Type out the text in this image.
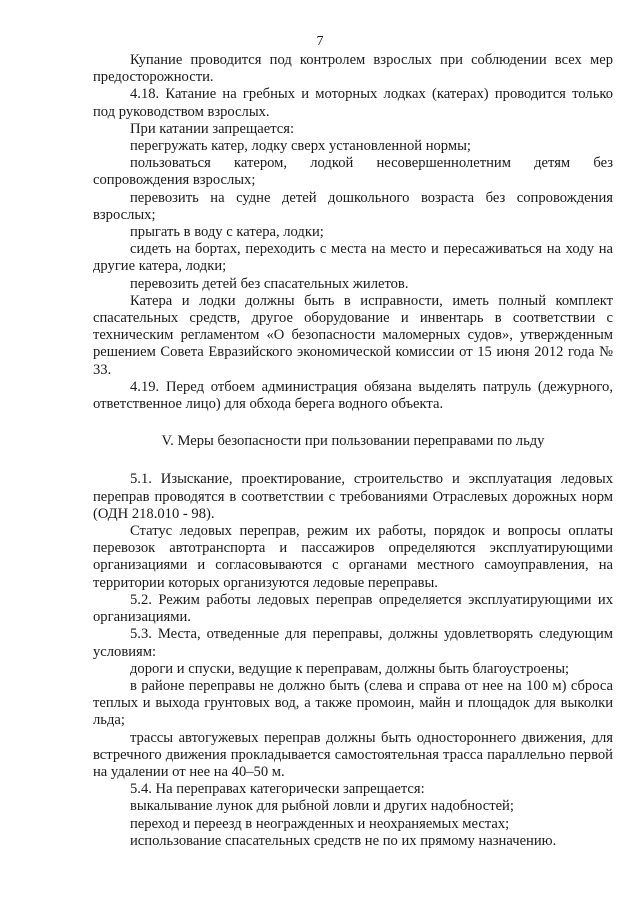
7

Купание проводится под контролем взрослых при соблюдении всех мер предосторожности.

4.18. Катание на гребных и моторных лодках (катерах) проводится только под руководством взрослых.

При катании запрещается:

перегружать катер, лодку сверх установленной нормы;

пользоваться катером, лодкой несовершеннолетним детям без сопровождения взрослых;

перевозить на судне детей дошкольного возраста без сопровождения взрослых;

прыгать в воду с катера, лодки;

сидеть на бортах, переходить с места на место и пересаживаться на ходу на другие катера, лодки;

перевозить детей без спасательных жилетов.

Катера и лодки должны быть в исправности, иметь полный комплект спасательных средств, другое оборудование и инвентарь в соответствии с техническим регламентом «О безопасности маломерных судов», утвержденным решением Совета Евразийского экономической комиссии от 15 июня 2012 года № 33.

4.19. Перед отбоем администрация обязана выделять патруль (дежурного, ответственное лицо) для обхода берега водного объекта.

V. Меры безопасности при пользовании переправами по льду

5.1. Изыскание, проектирование, строительство и эксплуатация ледовых переправ проводятся в соответствии с требованиями Отраслевых дорожных норм (ОДН 218.010 - 98).

Статус ледовых переправ, режим их работы, порядок и вопросы оплаты перевозок автотранспорта и пассажиров определяются эксплуатирующими организациями и согласовываются с органами местного самоуправления, на территории которых организуются ледовые переправы.

5.2. Режим работы ледовых переправ определяется эксплуатирующими их организациями.

5.3. Места, отведенные для переправы, должны удовлетворять следующим условиям:

дороги и спуски, ведущие к переправам, должны быть благоустроены;

в районе переправы не должно быть (слева и справа от нее на 100 м) сброса теплых и выхода грунтовых вод, а также промоин, майн и площадок для выколки льда;

трассы автогужевых переправ должны быть одностороннего движения, для встречного движения прокладывается самостоятельная трасса параллельно первой на удалении от нее на 40–50 м.

5.4. На переправах категорически запрещается:

выкалывание лунок для рыбной ловли и других надобностей;

переход и переезд в неогражденных и неохраняемых местах;

использование спасательных средств не по их прямому назначению.
